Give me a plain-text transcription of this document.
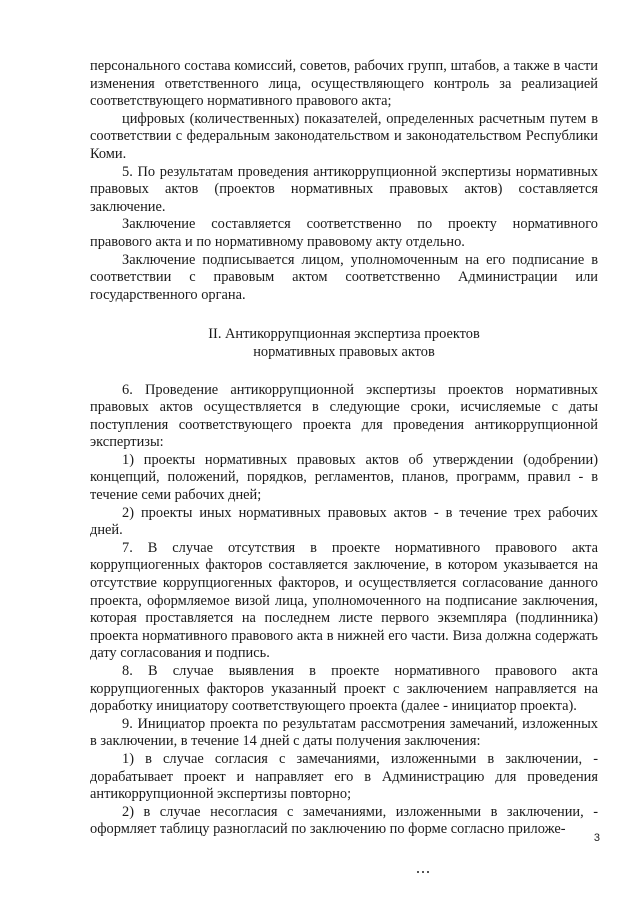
персонального состава комиссий, советов, рабочих групп, штабов, а также в части изменения ответственного лица, осуществляющего контроль за реализацией соответствующего нормативного правового акта;

цифровых (количественных) показателей, определенных расчетным путем в соответствии с федеральным законодательством и законодательством Республики Коми.

5. По результатам проведения антикоррупционной экспертизы нормативных правовых актов (проектов нормативных правовых актов) составляется заключение.

Заключение составляется соответственно по проекту нормативного правового акта и по нормативному правовому акту отдельно.

Заключение подписывается лицом, уполномоченным на его подписание в соответствии с правовым актом соответственно Администрации или государственного органа.

II. Антикоррупционная экспертиза проектов
нормативных правовых актов

6. Проведение антикоррупционной экспертизы проектов нормативных правовых актов осуществляется в следующие сроки, исчисляемые с даты поступления соответствующего проекта для проведения антикоррупционной экспертизы:

1) проекты нормативных правовых актов об утверждении (одобрении) концепций, положений, порядков, регламентов, планов, программ, правил - в течение семи рабочих дней;

2) проекты иных нормативных правовых актов - в течение трех рабочих дней.

7. В случае отсутствия в проекте нормативного правового акта коррупциогенных факторов составляется заключение, в котором указывается на отсутствие коррупциогенных факторов, и осуществляется согласование данного проекта, оформляемое визой лица, уполномоченного на подписание заключения, которая проставляется на последнем листе первого экземпляра (подлинника) проекта нормативного правового акта в нижней его части. Виза должна содержать дату согласования и подпись.

8. В случае выявления в проекте нормативного правового акта коррупциогенных факторов указанный проект с заключением направляется на доработку инициатору соответствующего проекта (далее - инициатор проекта).

9. Инициатор проекта по результатам рассмотрения замечаний, изложенных в заключении, в течение 14 дней с даты получения заключения:

1) в случае согласия с замечаниями, изложенными в заключении, - дорабатывает проект и направляет его в Администрацию для проведения антикоррупционной экспертизы повторно;

2) в случае несогласия с замечаниями, изложенными в заключении, - оформляет таблицу разногласий по заключению по форме согласно приложе-

3
